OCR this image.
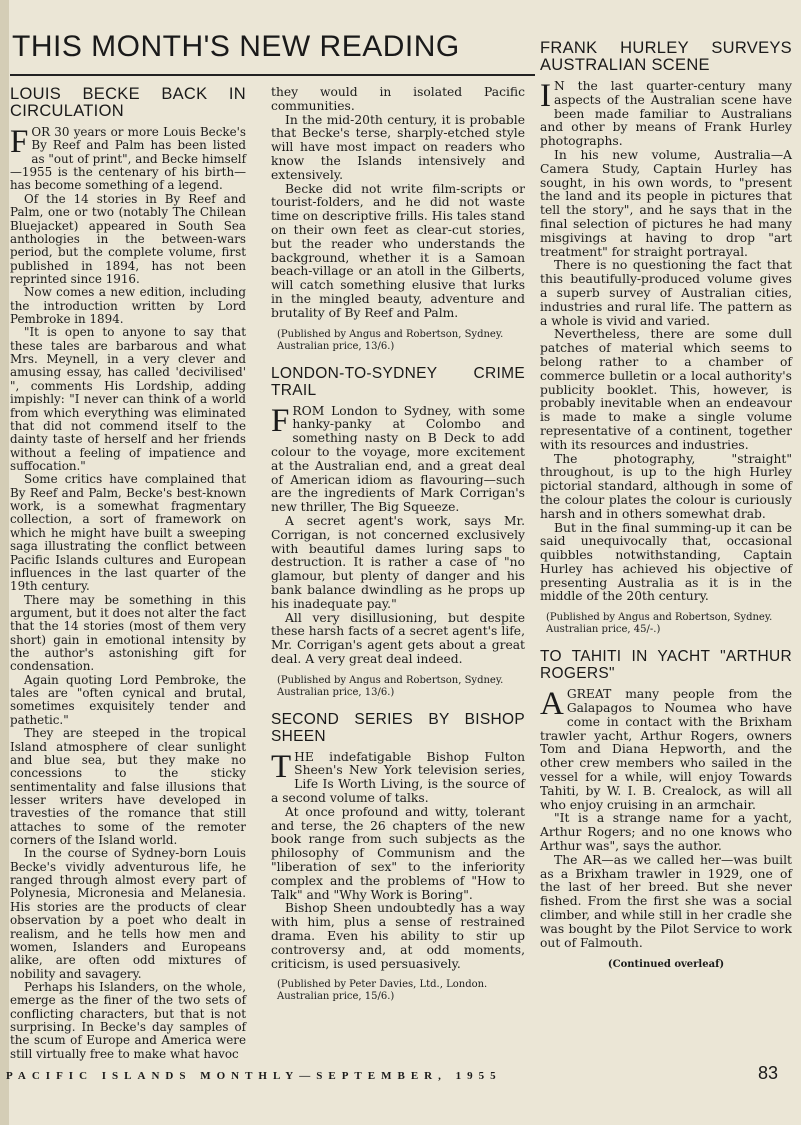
THIS MONTH'S NEW READING
LOUIS BECKE BACK IN CIRCULATION

FOR 30 years or more Louis Becke's By Reef and Palm has been listed as "out of print", and Becke himself—1955 is the centenary of his birth—has become something of a legend.

Of the 14 stories in By Reef and Palm, one or two (notably The Chilean Bluejacket) appeared in South Sea anthologies in the between-wars period, but the complete volume, first published in 1894, has not been reprinted since 1916.

Now comes a new edition, including the introduction written by Lord Pembroke in 1894.

"It is open to anyone to say that these tales are barbarous and what Mrs. Meynell, in a very clever and amusing essay, has called 'decivilised' ", comments His Lordship, adding impishly: "I never can think of a world from which everything was eliminated that did not commend itself to the dainty taste of herself and her friends without a feeling of impatience and suffocation."

Some critics have complained that By Reef and Palm, Becke's best-known work, is a somewhat fragmentary collection, a sort of framework on which he might have built a sweeping saga illustrating the conflict between Pacific Islands cultures and European influences in the last quarter of the 19th century.

There may be something in this argument, but it does not alter the fact that the 14 stories (most of them very short) gain in emotional intensity by the author's astonishing gift for condensation.

Again quoting Lord Pembroke, the tales are "often cynical and brutal, sometimes exquisitely tender and pathetic."

They are steeped in the tropical Island atmosphere of clear sunlight and blue sea, but they make no concessions to the sticky sentimentality and false illusions that lesser writers have developed in travesties of the romance that still attaches to some of the remoter corners of the Island world.

In the course of Sydney-born Louis Becke's vividly adventurous life, he ranged through almost every part of Polynesia, Micronesia and Melanesia. His stories are the products of clear observation by a poet who dealt in realism, and he tells how men and women, Islanders and Europeans alike, are often odd mixtures of nobility and savagery.

Perhaps his Islanders, on the whole, emerge as the finer of the two sets of conflicting characters, but that is not surprising. In Becke's day samples of the scum of Europe and America were still virtually free to make what havoc

they would in isolated Pacific communities.

In the mid-20th century, it is probable that Becke's terse, sharply-etched style will have most impact on readers who know the Islands intensively and extensively.

Becke did not write film-scripts or tourist-folders, and he did not waste time on descriptive frills. His tales stand on their own feet as clear-cut stories, but the reader who understands the background, whether it is a Samoan beach-village or an atoll in the Gilberts, will catch something elusive that lurks in the mingled beauty, adventure and brutality of By Reef and Palm.

(Published by Angus and Robertson, Sydney. Australian price, 13/6.)

LONDON-TO-SYDNEY CRIME TRAIL

FROM London to Sydney, with some hanky-panky at Colombo and something nasty on B Deck to add colour to the voyage, more excitement at the Australian end, and a great deal of American idiom as flavouring—such are the ingredients of Mark Corrigan's new thriller, The Big Squeeze.

A secret agent's work, says Mr. Corrigan, is not concerned exclusively with beautiful dames luring saps to destruction. It is rather a case of "no glamour, but plenty of danger and his bank balance dwindling as he props up his inadequate pay."

All very disillusioning, but despite these harsh facts of a secret agent's life, Mr. Corrigan's agent gets about a great deal. A very great deal indeed.

(Published by Angus and Robertson, Sydney. Australian price, 13/6.)

SECOND SERIES BY BISHOP SHEEN

THE indefatigable Bishop Fulton Sheen's New York television series, Life Is Worth Living, is the source of a second volume of talks.

At once profound and witty, tolerant and terse, the 26 chapters of the new book range from such subjects as the philosophy of Communism and the "liberation of sex" to the inferiority complex and the problems of "How to Talk" and "Why Work is Boring".

Bishop Sheen undoubtedly has a way with him, plus a sense of restrained drama. Even his ability to stir up controversy and, at odd moments, criticism, is used persuasively.

(Published by Peter Davies, Ltd., London. Australian price, 15/6.)

FRANK HURLEY SURVEYS AUSTRALIAN SCENE

I N the last quarter-century many aspects of the Australian scene have been made familiar to Australians and other by means of Frank Hurley photographs.

In his new volume, Australia—A Camera Study, Captain Hurley has sought, in his own words, to "present the land and its people in pictures that tell the story", and he says that in the final selection of pictures he had many misgivings at having to drop "art treatment" for straight portrayal.

There is no questioning the fact that this beautifully-produced volume gives a superb survey of Australian cities, industries and rural life. The pattern as a whole is vivid and varied.

Nevertheless, there are some dull patches of material which seems to belong rather to a chamber of commerce bulletin or a local authority's publicity booklet. This, however, is probably inevitable when an endeavour is made to make a single volume representative of a continent, together with its resources and industries.

The photography, "straight" throughout, is up to the high Hurley pictorial standard, although in some of the colour plates the colour is curiously harsh and in others somewhat drab.

But in the final summing-up it can be said unequivocally that, occasional quibbles notwithstanding, Captain Hurley has achieved his objective of presenting Australia as it is in the middle of the 20th century.

(Published by Angus and Robertson, Sydney. Australian price, 45/-.)

TO TAHITI IN YACHT "ARTHUR ROGERS"

AGREAT many people from the Galapagos to Noumea who have come in contact with the Brixham trawler yacht, Arthur Rogers, owners Tom and Diana Hepworth, and the other crew members who sailed in the vessel for a while, will enjoy Towards Tahiti, by W. I. B. Crealock, as will all who enjoy cruising in an armchair.

"It is a strange name for a yacht, Arthur Rogers; and no one knows who Arthur was", says the author.

The AR—as we called her—was built as a Brixham trawler in 1929, one of the last of her breed. But she never fished. From the first she was a social climber, and while still in her cradle she was bought by the Pilot Service to work out of Falmouth.

(Continued overleaf)
PACIFIC ISLANDS MONTHLY—SEPTEMBER, 1955	83
